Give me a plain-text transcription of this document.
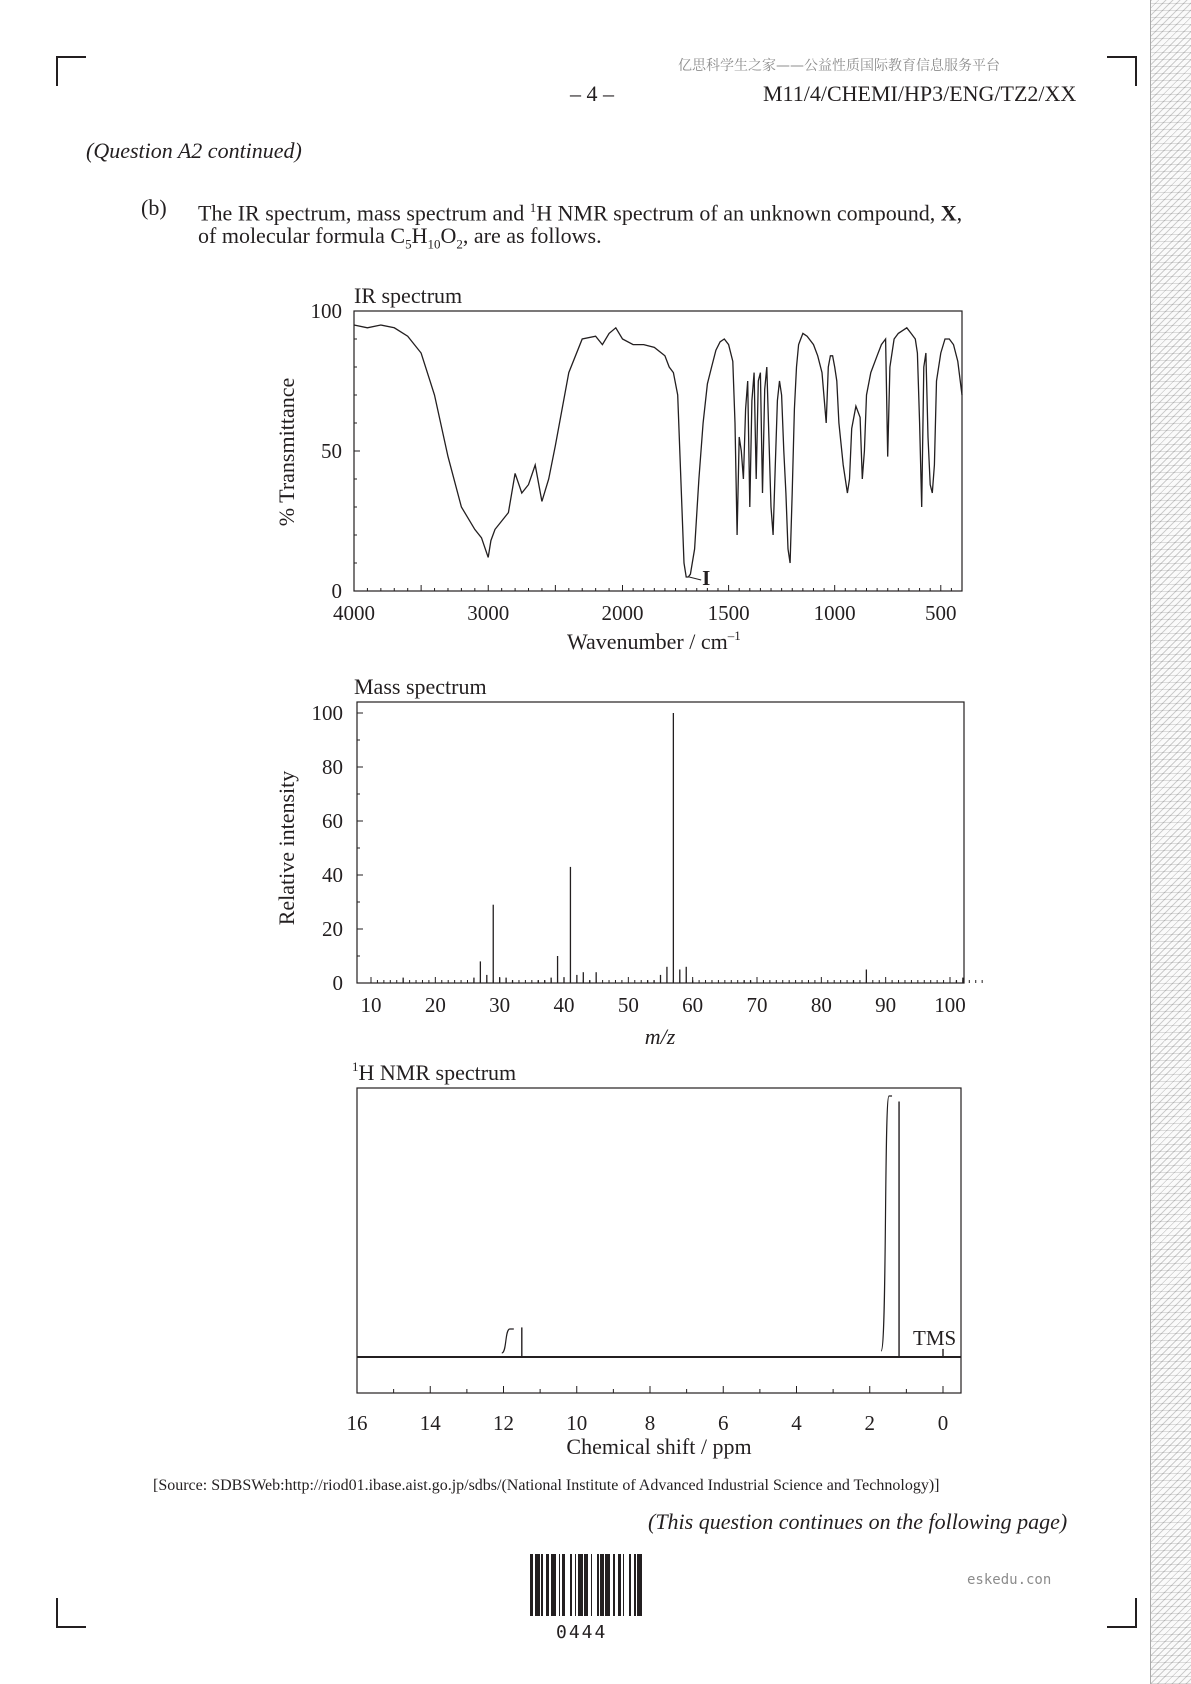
亿思科学生之家——公益性质国际教育信息服务平台
– 4 –	M11/4/CHEMI/HP3/ENG/TZ2/XX
(Question A2 continued)
(b) The IR spectrum, mass spectrum and $^1$H NMR spectrum of an unknown compound, X,
of molecular formula $C_5H_{10}O_2$, are as follows.
IR spectrum
4000	3000	2000	1500	1000	500
100
50
0
I
Wavenumber / $cm^{-1}$
% Transmittance
Mass spectrum
10 20 30 40 50 60 70 80 90 100
100
80
60
40
20
0
m/z
Relative intensity
$^1$H NMR spectrum
16 14 12 10	8	6	4	2	0
TMS
Chemical shift / ppm
[Source: SDBSWeb:http://riod01.ibase.aist.go.jp/sdbs/(National Institute of Advanced Industrial Science and Technology)]
(This question continues on the following page)
0444
eskedu.con
